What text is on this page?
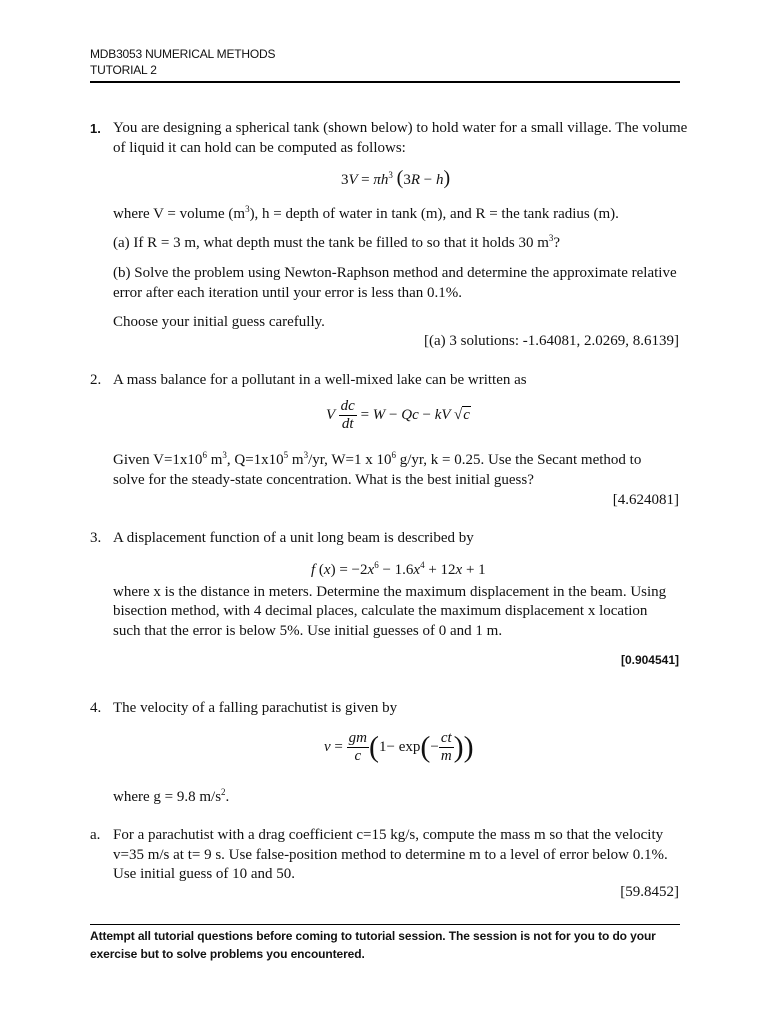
MDB3053 NUMERICAL METHODS
TUTORIAL 2
1. You are designing a spherical tank (shown below) to hold water for a small village. The volume
of liquid it can hold can be computed as follows:
$3V = \pi h^3$ (3R − h)
where V = volume $(m^3)$, h = depth of water in tank (m), and R = the tank radius (m).
(a) If R = 3 m, what depth must the tank be filled to so that it holds 30 $m^3$?
(b) Solve the problem using Newton-Raphson method and determine the approximate relative
error after each iteration until your error is less than 0.1%.
Choose your initial guess carefully.
[(a) 3 solutions: -1.64081, 2.0269, 8.6139]
2. A mass balance for a pollutant in a well-mixed lake can be written as
V $\frac{dc}{dt} = W - Qc$ − kV √c
Given $V=1x10^6$ $m^3$, $Q=1x10^5$ $m^3/yr$, W=1 x $10^6$ g/yr, k = 0.25. Use the Secant method to
solve for the steady-state concentration. What is the best initial guess?
[4.624081]
3. A displacement function of a unit long beam is described by
f $(x) = -2x^6 - 1.6x^4 + 12x + 1$
where x is the distance in meters. Determine the maximum displacement in the beam. Using
bisection method, with 4 decimal places, calculate the maximum displacement x location
such that the error is below 5%. Use initial guesses of 0 and 1 m.
[0.904541]
4. The velocity of a falling parachutist is given by
$v = \frac{gm}{c} (1- \exp(- \frac{ct}{m}$ ))
where g = 9.8 $m/s^2$.
a. For a parachutist with a drag coefficient c=15 kg/s, compute the mass m so that the velocity
v=35 m/s at t= 9 s. Use false-position method to determine m to a level of error below 0.1%.
Use initial guess of 10 and 50.
[59.8452]
Attempt all tutorial questions before coming to tutorial session. The session is not for you to do your exercise but to solve problems you encountered.
